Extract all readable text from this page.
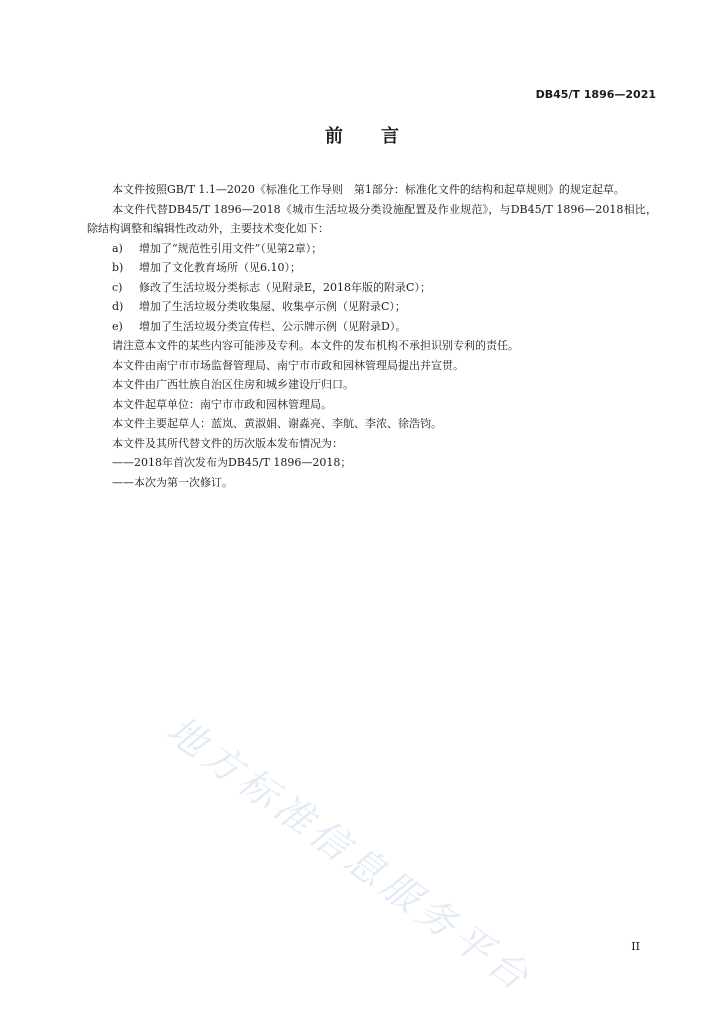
DB45/T 1896—2021
前言

本文件按照GB/T 1.1—2020《标准化工作导则　第1部分：标准化文件的结构和起草规则》的规定起草。

本文件代替DB45/T 1896—2018《城市生活垃圾分类设施配置及作业规范》，与DB45/T 1896—2018相比，除结构调整和编辑性改动外，主要技术变化如下：

a) 增加了“规范性引用文件”（见第2章）；

b) 增加了文化教育场所（见6.10）；

c) 修改了生活垃圾分类标志（见附录E，2018年版的附录C）；

d) 增加了生活垃圾分类收集屋、收集亭示例（见附录C）；

e) 增加了生活垃圾分类宣传栏、公示牌示例（见附录D）。

请注意本文件的某些内容可能涉及专利。本文件的发布机构不承担识别专利的责任。

本文件由南宁市市场监督管理局、南宁市市政和园林管理局提出并宣贯。

本文件由广西壮族自治区住房和城乡建设厅归口。

本文件起草单位：南宁市市政和园林管理局。

本文件主要起草人：蓝岚、黄淑娟、谢淼亮、李航、李浓、徐浩钧。

本文件及其所代替文件的历次版本发布情况为：

——2018年首次发布为DB45/T 1896—2018；

——本次为第一次修订。

地方标准信息服务平台	II
